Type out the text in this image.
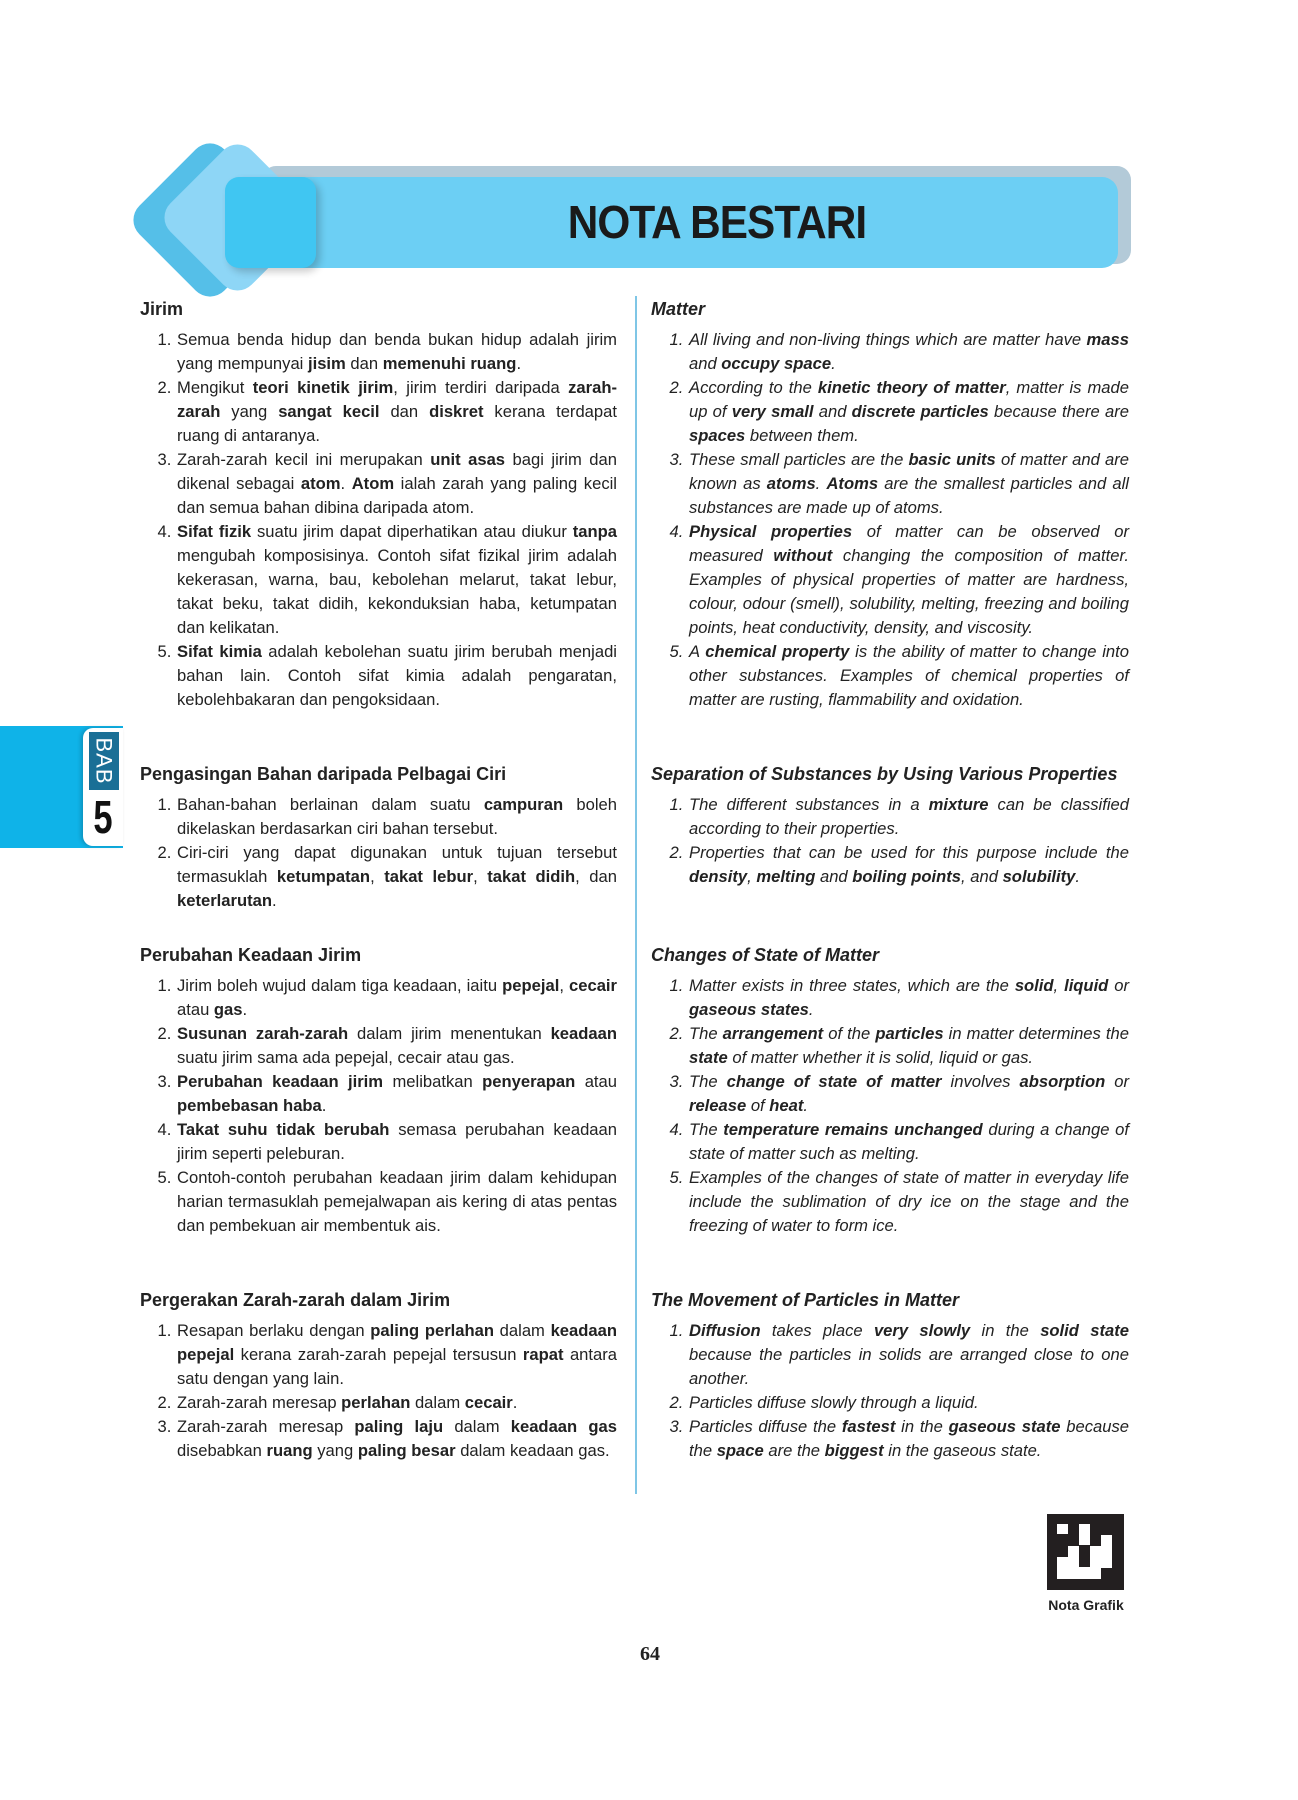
NOTA BESTARI
Jirim
1. Semua benda hidup dan benda bukan hidup adalah jirim yang mempunyai jisim dan memenuhi ruang.
2. Mengikut teori kinetik jirim, jirim terdiri daripada zarah-zarah yang sangat kecil dan diskret kerana terdapat ruang di antaranya.
3. Zarah-zarah kecil ini merupakan unit asas bagi jirim dan dikenal sebagai atom. Atom ialah zarah yang paling kecil dan semua bahan dibina daripada atom.
4. Sifat fizik suatu jirim dapat diperhatikan atau diukur tanpa mengubah komposisinya. Contoh sifat fizikal jirim adalah kekerasan, warna, bau, kebolehan melarut, takat lebur, takat beku, takat didih, kekonduksian haba, ketumpatan dan kelikatan.
5. Sifat kimia adalah kebolehan suatu jirim berubah menjadi bahan lain. Contoh sifat kimia adalah pengaratan, kebolehbakaran dan pengoksidaan.
Pengasingan Bahan daripada Pelbagai Ciri
1. Bahan-bahan berlainan dalam suatu campuran boleh dikelaskan berdasarkan ciri bahan tersebut.
2. Ciri-ciri yang dapat digunakan untuk tujuan tersebut termasuklah ketumpatan, takat lebur, takat didih, dan keterlarutan.
Perubahan Keadaan Jirim
1. Jirim boleh wujud dalam tiga keadaan, iaitu pepejal, cecair atau gas.
2. Susunan zarah-zarah dalam jirim menentukan keadaan suatu jirim sama ada pepejal, cecair atau gas.
3. Perubahan keadaan jirim melibatkan penyerapan atau pembebasan haba.
4. Takat suhu tidak berubah semasa perubahan keadaan jirim seperti peleburan.
5. Contoh-contoh perubahan keadaan jirim dalam kehidupan harian termasuklah pemejalwapan ais kering di atas pentas dan pembekuan air membentuk ais.
Pergerakan Zarah-zarah dalam Jirim
1. Resapan berlaku dengan paling perlahan dalam keadaan pepejal kerana zarah-zarah pepejal tersusun rapat antara satu dengan yang lain.
2. Zarah-zarah meresap perlahan dalam cecair.
3. Zarah-zarah meresap paling laju dalam keadaan gas disebabkan ruang yang paling besar dalam keadaan gas.
Matter
1. All living and non-living things which are matter have mass and occupy space.
2. According to the kinetic theory of matter, matter is made up of very small and discrete particles because there are spaces between them.
3. These small particles are the basic units of matter and are known as atoms. Atoms are the smallest particles and all substances are made up of atoms.
4. Physical properties of matter can be observed or measured without changing the composition of matter. Examples of physical properties of matter are hardness, colour, odour (smell), solubility, melting, freezing and boiling points, heat conductivity, density, and viscosity.
5. A chemical property is the ability of matter to change into other substances. Examples of chemical properties of matter are rusting, flammability and oxidation.
Separation of Substances by Using Various Properties
1. The different substances in a mixture can be classified according to their properties.
2. Properties that can be used for this purpose include the density, melting and boiling points, and solubility.
Changes of State of Matter
1. Matter exists in three states, which are the solid, liquid or gaseous states.
2. The arrangement of the particles in matter determines the state of matter whether it is solid, liquid or gas.
3. The change of state of matter involves absorption or release of heat.
4. The temperature remains unchanged during a change of state of matter such as melting.
5. Examples of the changes of state of matter in everyday life include the sublimation of dry ice on the stage and the freezing of water to form ice.
The Movement of Particles in Matter
1. Diffusion takes place very slowly in the solid state because the particles in solids are arranged close to one another.
2. Particles diffuse slowly through a liquid.
3. Particles diffuse the fastest in the gaseous state because the space are the biggest in the gaseous state.
BAB
5
Nota Grafik
64
